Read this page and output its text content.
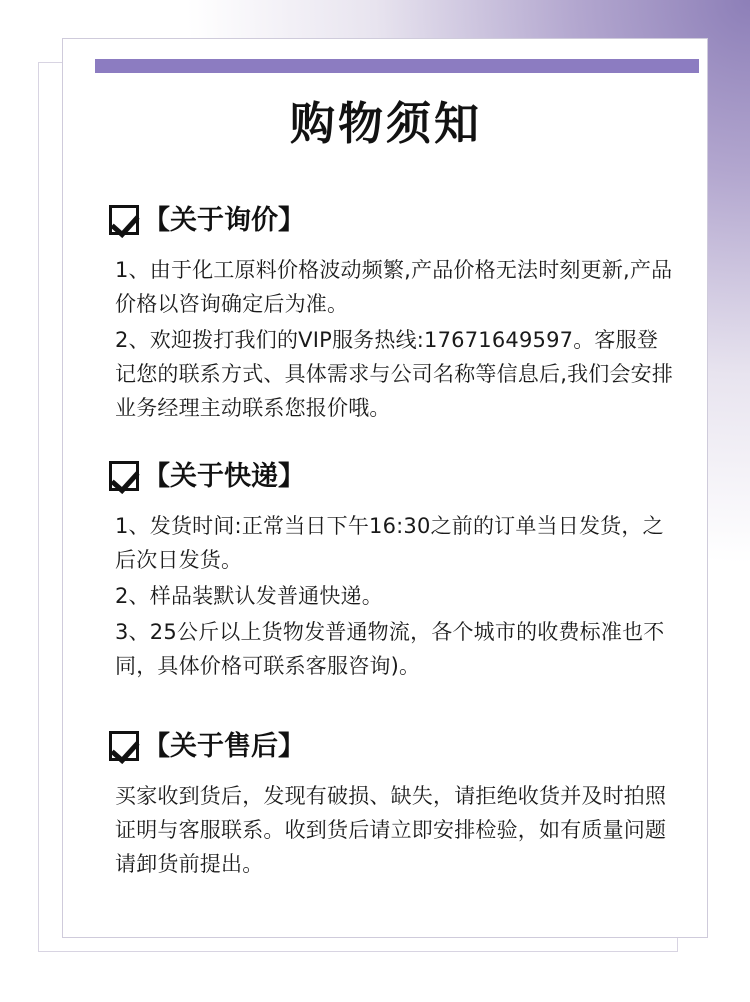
购物须知
【关于询价】

1、由于化工原料价格波动频繁,产品价格无法时刻更新,产品价格以咨询确定后为准。

2、欢迎拨打我们的VIP服务热线:17671649597。客服登记您的联系方式、具体需求与公司名称等信息后,我们会安排业务经理主动联系您报价哦。

【关于快递】

1、发货时间:正常当日下午16:30之前的订单当日发货，之后次日发货。

2、样品装默认发普通快递。

3、25公斤以上货物发普通物流，各个城市的收费标准也不同，具体价格可联系客服咨询)。

【关于售后】

买家收到货后，发现有破损、缺失，请拒绝收货并及时拍照证明与客服联系。收到货后请立即安排检验，如有质量问题请卸货前提出。
